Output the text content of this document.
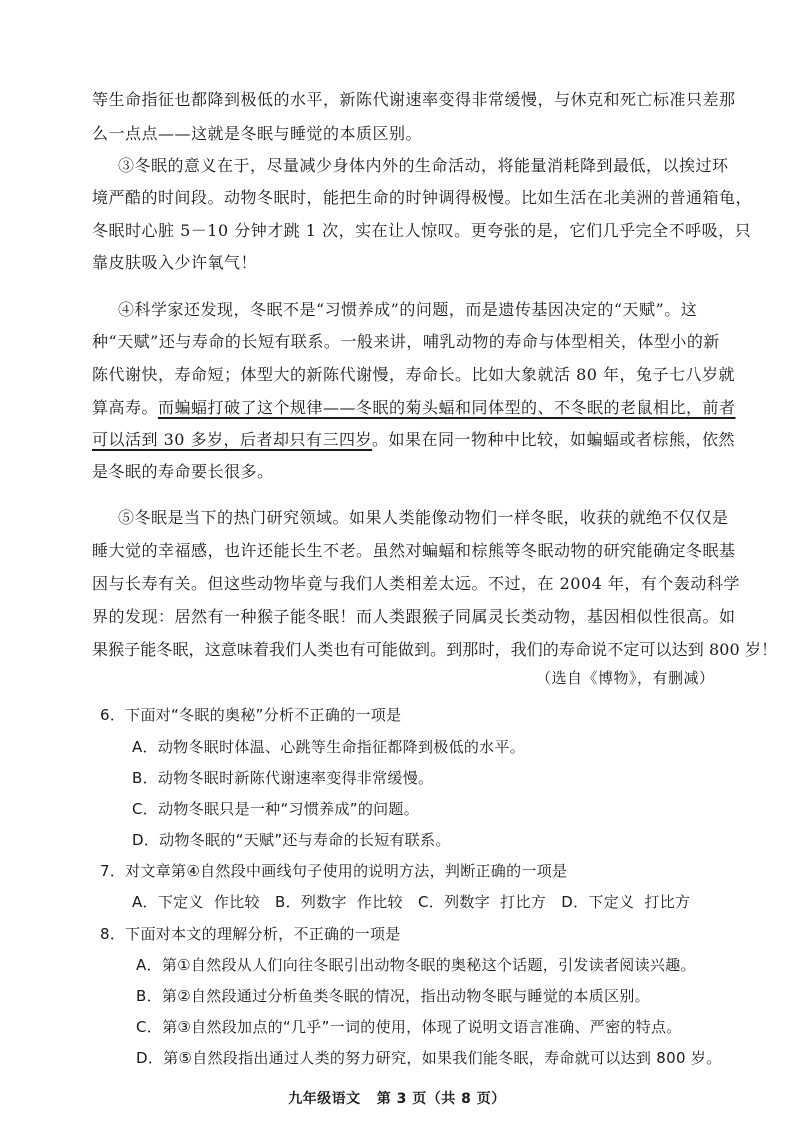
等生命指征也都降到极低的水平，新陈代谢速率变得非常缓慢，与休克和死亡标准只差那
么一点点——这就是冬眠与睡觉的本质区别。
③冬眠的意义在于，尽量减少身体内外的生命活动，将能量消耗降到最低，以挨过环
境严酷的时间段。动物冬眠时，能把生命的时钟调得极慢。比如生活在北美洲的普通箱龟，
冬眠时心脏 5－10 分钟才跳 1 次，实在让人惊叹。更夸张的是，它们几乎完全不呼吸，只
靠皮肤吸入少许氧气！
④科学家还发现，冬眠不是“习惯养成”的问题，而是遗传基因决定的“天赋”。这
种“天赋”还与寿命的长短有联系。一般来讲，哺乳动物的寿命与体型相关，体型小的新
陈代谢快，寿命短；体型大的新陈代谢慢，寿命长。比如大象就活 80 年，兔子七八岁就
算高寿。而蝙蝠打破了这个规律——冬眠的菊头蝠和同体型的、不冬眠的老鼠相比，前者
可以活到 30 多岁，后者却只有三四岁。如果在同一物种中比较，如蝙蝠或者棕熊，依然
是冬眠的寿命要长很多。
⑤冬眠是当下的热门研究领域。如果人类能像动物们一样冬眠，收获的就绝不仅仅是
睡大觉的幸福感，也许还能长生不老。虽然对蝙蝠和棕熊等冬眠动物的研究能确定冬眠基
因与长寿有关。但这些动物毕竟与我们人类相差太远。不过，在 2004 年，有个轰动科学
界的发现：居然有一种猴子能冬眠！而人类跟猴子同属灵长类动物，基因相似性很高。如
果猴子能冬眠，这意味着我们人类也有可能做到。到那时，我们的寿命说不定可以达到 800 岁！
（选自《博物》，有删减）
6．下面对“冬眠的奥秘”分析不正确的一项是
A．动物冬眠时体温、心跳等生命指征都降到极低的水平。
B．动物冬眠时新陈代谢速率变得非常缓慢。
C．动物冬眠只是一种“习惯养成”的问题。
D．动物冬眠的“天赋”还与寿命的长短有联系。
7．对文章第④自然段中画线句子使用的说明方法，判断正确的一项是
A．下定义  作比较   B．列数字  作比较   C．列数字  打比方   D．下定义  打比方
8．下面对本文的理解分析，不正确的一项是
A．第①自然段从人们向往冬眠引出动物冬眠的奥秘这个话题，引发读者阅读兴趣。
B．第②自然段通过分析鱼类冬眠的情况，指出动物冬眠与睡觉的本质区别。
C．第③自然段加点的“几乎”一词的使用，体现了说明文语言准确、严密的特点。
D．第⑤自然段指出通过人类的努力研究，如果我们能冬眠，寿命就可以达到 800 岁。
九年级语文   第 3 页（共 8 页）
